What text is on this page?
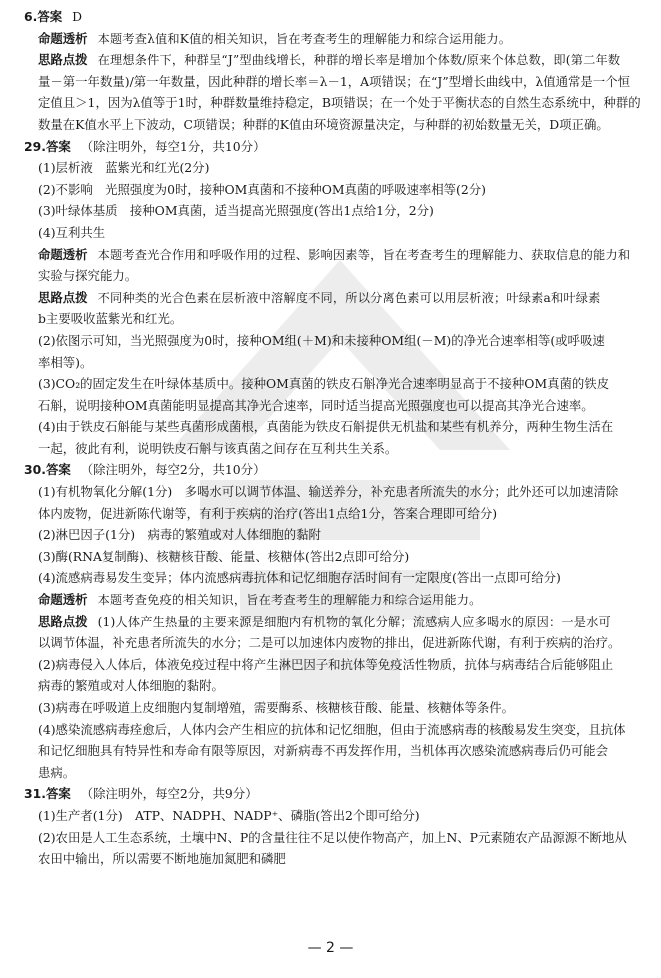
6.答案 D
命题透析 本题考查λ值和K值的相关知识，旨在考查考生的理解能力和综合运用能力。
思路点拨 在理想条件下，种群呈“J”型曲线增长，种群的增长率是增加个体数/原来个体总数，即(第二年数
量－第一年数量)/第一年数量，因此种群的增长率＝λ－1，A项错误；在“J”型增长曲线中，λ值通常是一个恒
定值且＞1，因为λ值等于1时，种群数量维持稳定，B项错误；在一个处于平衡状态的自然生态系统中，种群的
数量在K值水平上下波动，C项错误；种群的K值由环境资源量决定，与种群的初始数量无关，D项正确。
29.答案 （除注明外，每空1分，共10分）
(1)层析液　蓝紫光和红光(2分)
(2)不影响　光照强度为0时，接种OM真菌和不接种OM真菌的呼吸速率相等(2分)
(3)叶绿体基质　接种OM真菌，适当提高光照强度(答出1点给1分，2分)
(4)互利共生
命题透析 本题考查光合作用和呼吸作用的过程、影响因素等，旨在考查考生的理解能力、获取信息的能力和
实验与探究能力。
思路点拨 不同种类的光合色素在层析液中溶解度不同，所以分离色素可以用层析液；叶绿素a和叶绿素
b主要吸收蓝紫光和红光。
(2)依图示可知，当光照强度为0时，接种OM组(＋M)和未接种OM组(－M)的净光合速率相等(或呼吸速
率相等)。
(3)CO₂的固定发生在叶绿体基质中。接种OM真菌的铁皮石斛净光合速率明显高于不接种OM真菌的铁皮
石斛，说明接种OM真菌能明显提高其净光合速率，同时适当提高光照强度也可以提高其净光合速率。
(4)由于铁皮石斛能与某些真菌形成菌根，真菌能为铁皮石斛提供无机盐和某些有机养分，两种生物生活在
一起，彼此有利，说明铁皮石斛与该真菌之间存在互利共生关系。
30.答案 （除注明外，每空2分，共10分）
(1)有机物氧化分解(1分)　多喝水可以调节体温、输送养分，补充患者所流失的水分；此外还可以加速清除
体内废物，促进新陈代谢等，有利于疾病的治疗(答出1点给1分，答案合理即可给分)
(2)淋巴因子(1分)　病毒的繁殖或对人体细胞的黏附
(3)酶(RNA复制酶)、核糖核苷酸、能量、核糖体(答出2点即可给分)
(4)流感病毒易发生变异；体内流感病毒抗体和记忆细胞存活时间有一定限度(答出一点即可给分)
命题透析 本题考查免疫的相关知识，旨在考查考生的理解能力和综合运用能力。
思路点拨 (1)人体产生热量的主要来源是细胞内有机物的氧化分解；流感病人应多喝水的原因：一是水可
以调节体温，补充患者所流失的水分；二是可以加速体内废物的排出，促进新陈代谢，有利于疾病的治疗。
(2)病毒侵入人体后，体液免疫过程中将产生淋巴因子和抗体等免疫活性物质，抗体与病毒结合后能够阻止
病毒的繁殖或对人体细胞的黏附。
(3)病毒在呼吸道上皮细胞内复制增殖，需要酶系、核糖核苷酸、能量、核糖体等条件。
(4)感染流感病毒痊愈后，人体内会产生相应的抗体和记忆细胞，但由于流感病毒的核酸易发生突变，且抗体
和记忆细胞具有特异性和寿命有限等原因，对新病毒不再发挥作用，当机体再次感染流感病毒后仍可能会
患病。
31.答案 （除注明外，每空2分，共9分）
(1)生产者(1分)　ATP、NADPH、NADP⁺、磷脂(答出2个即可给分)
(2)农田是人工生态系统，土壤中N、P的含量往往不足以使作物高产，加上N、P元素随农产品源源不断地从
农田中输出，所以需要不断地施加氮肥和磷肥
— 2 —
